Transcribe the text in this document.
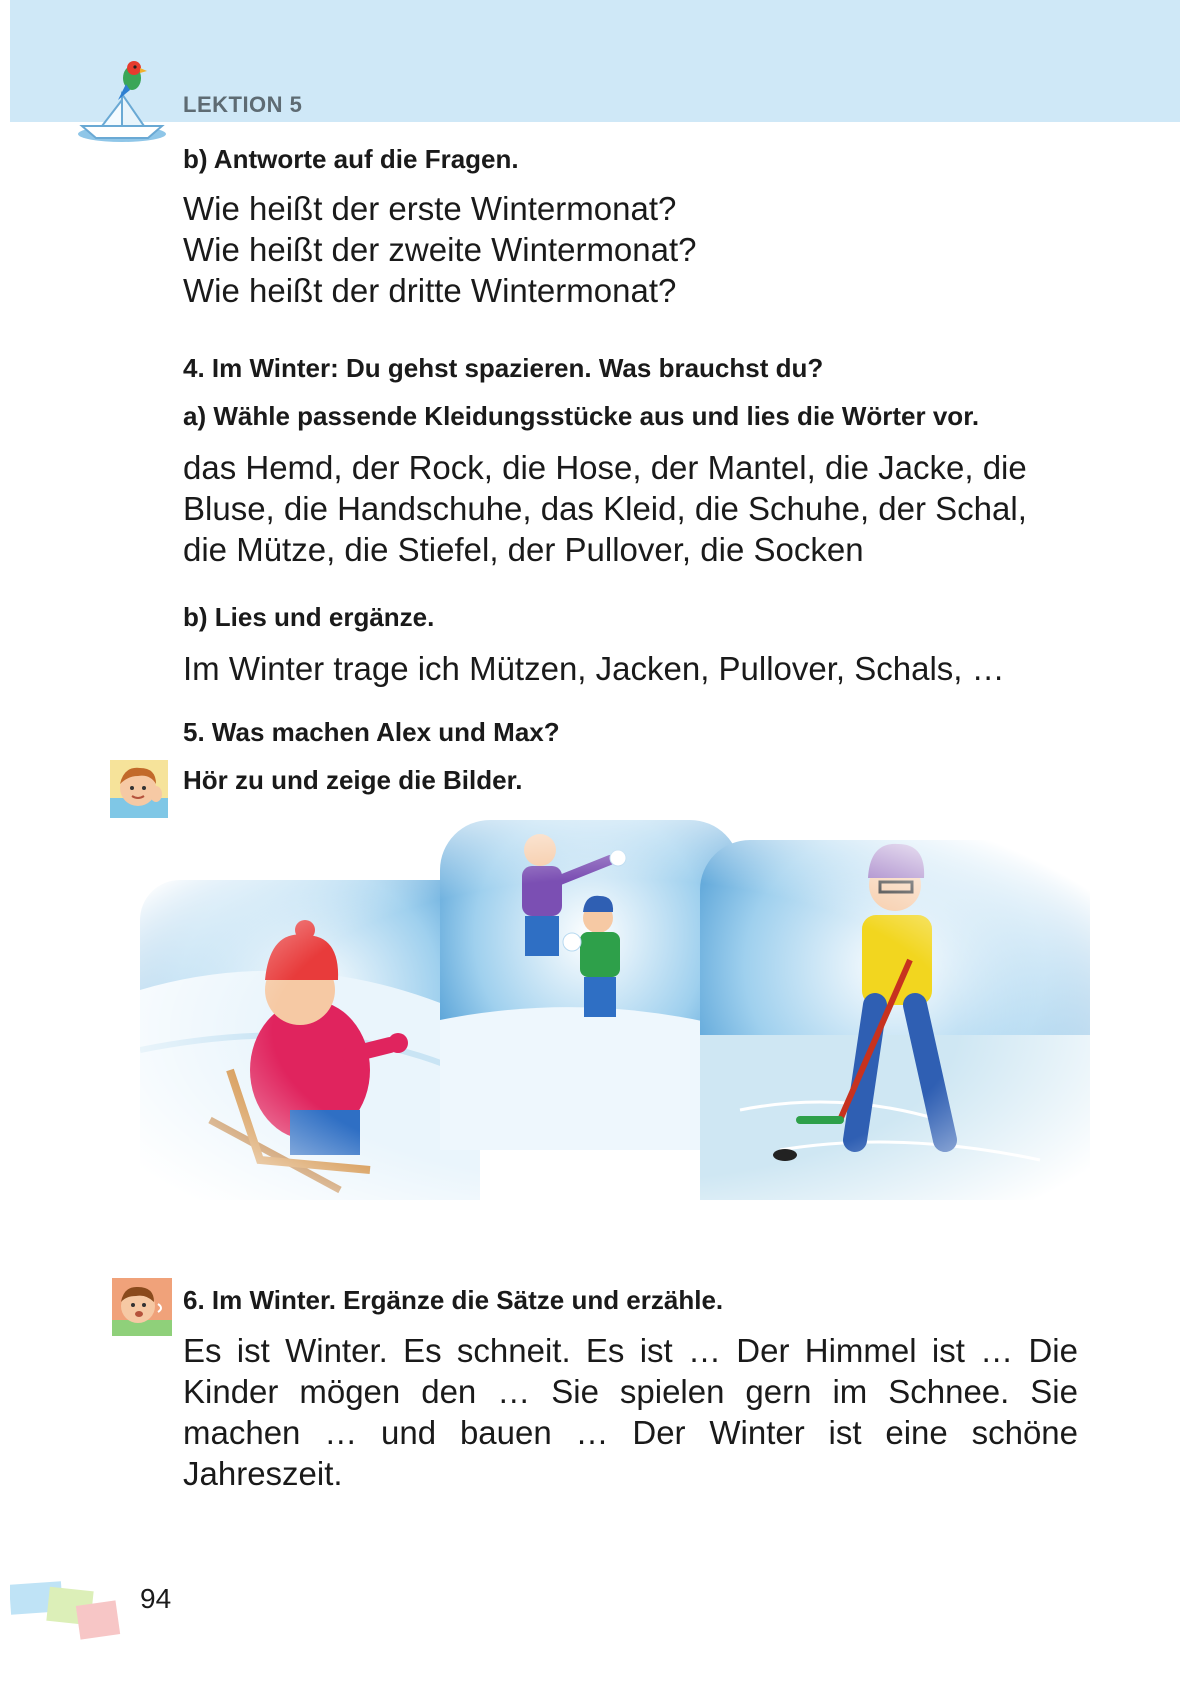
LEKTION 5

b) Antworte auf die Fragen.

Wie heißt der erste Wintermonat?
Wie heißt der zweite Wintermonat?
Wie heißt der dritte Wintermonat?

4. Im Winter: Du gehst spazieren. Was brauchst du?

a) Wähle passende Kleidungsstücke aus und lies die Wörter vor.

das Hemd, der Rock, die Hose, der Mantel, die Jacke, die
Bluse, die Handschuhe, das Kleid, die Schuhe, der Schal,
die Mütze, die Stiefel, der Pullover, die Socken

b) Lies und ergänze.

Im Winter trage ich Mützen, Jacken, Pullover, Schals, …

5. Was machen Alex und Max?

Hör zu und zeige die Bilder.

6. Im Winter. Ergänze die Sätze und erzähle.

Es ist Winter. Es schneit. Es ist … Der Himmel ist … Die Kinder mögen den … Sie spielen gern im Schnee. Sie machen … und bauen … Der Winter ist eine schöne Jahreszeit.

94
